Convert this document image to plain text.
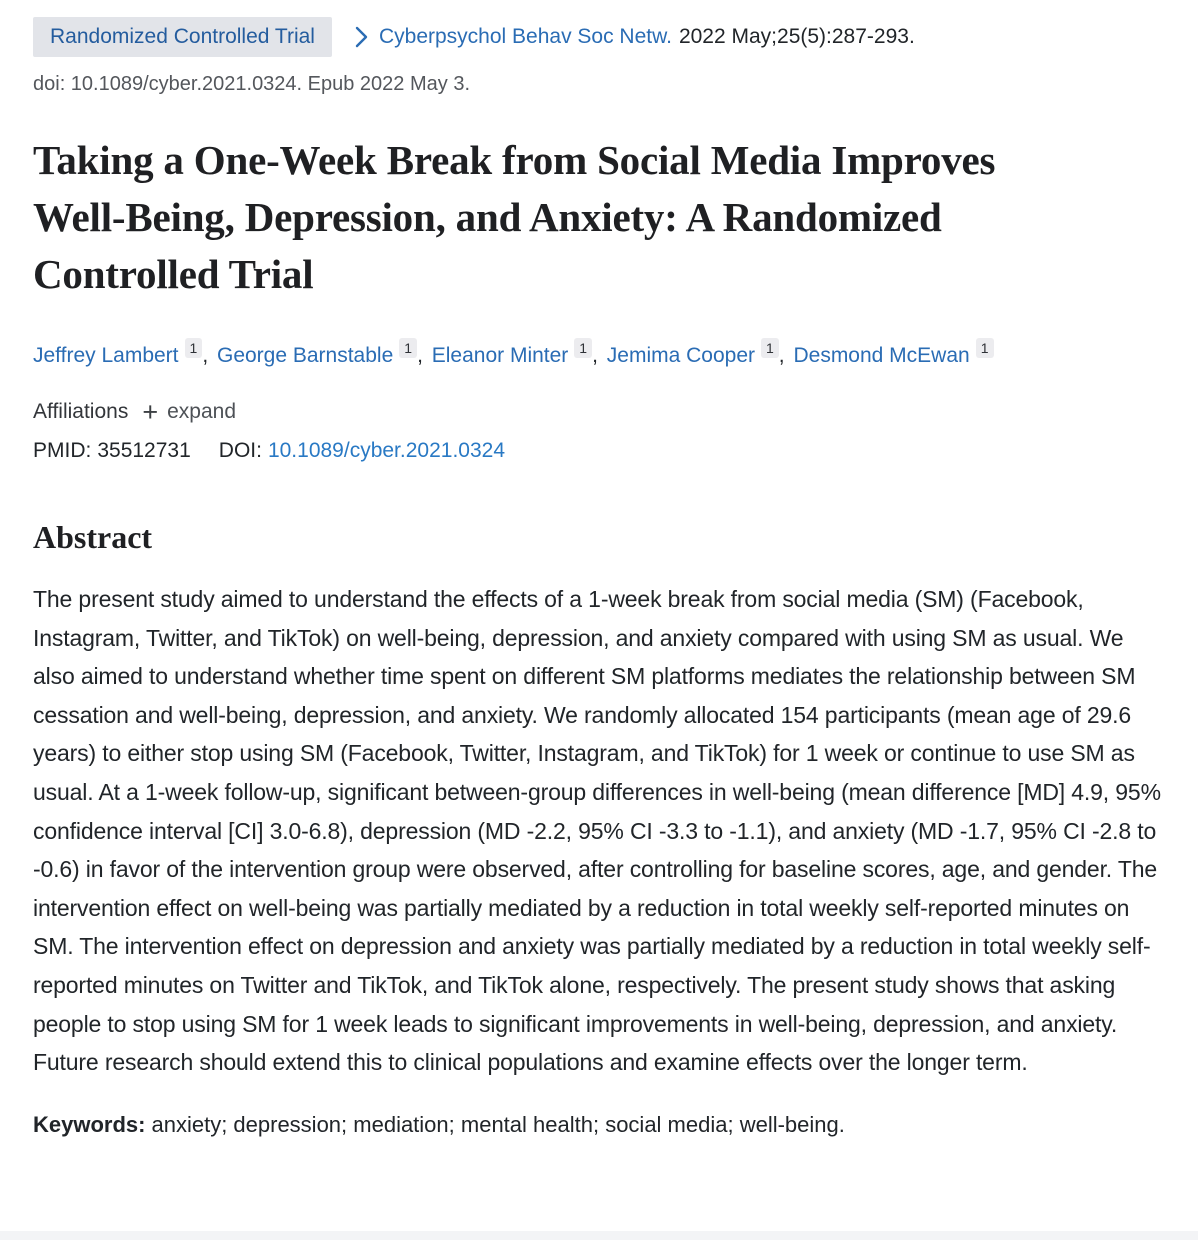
Randomized Controlled Trial	Cyberpsychol Behav Soc Netw. 2022 May;25(5):287-293.
doi: 10.1089/cyber.2021.0324. Epub 2022 May 3.
Taking a One-Week Break from Social Media Improves Well-Being, Depression, and Anxiety: A Randomized Controlled Trial
Jeffrey Lambert 1 , George Barnstable 1 , Eleanor Minter 1 , Jemima Cooper 1 , Desmond McEwan 1
Affiliations + expand
PMID: 35512731 DOI: 10.1089/cyber.2021.0324
Abstract

The present study aimed to understand the effects of a 1-week break from social media (SM) (Facebook, Instagram, Twitter, and TikTok) on well-being, depression, and anxiety compared with using SM as usual. We also aimed to understand whether time spent on different SM platforms mediates the relationship between SM cessation and well-being, depression, and anxiety. We randomly allocated 154 participants (mean age of 29.6 years) to either stop using SM (Facebook, Twitter, Instagram, and TikTok) for 1 week or continue to use SM as usual. At a 1-week follow-up, significant between-group differences in well-being (mean difference [MD] 4.9, 95% confidence interval [CI] 3.0-6.8), depression (MD -2.2, 95% CI -3.3 to -1.1), and anxiety (MD -1.7, 95% CI -2.8 to -0.6) in favor of the intervention group were observed, after controlling for baseline scores, age, and gender. The intervention effect on well-being was partially mediated by a reduction in total weekly self-reported minutes on SM. The intervention effect on depression and anxiety was partially mediated by a reduction in total weekly self-reported minutes on Twitter and TikTok, and TikTok alone, respectively. The present study shows that asking people to stop using SM for 1 week leads to significant improvements in well-being, depression, and anxiety. Future research should extend this to clinical populations and examine effects over the longer term.

Keywords: anxiety; depression; mediation; mental health; social media; well-being.
